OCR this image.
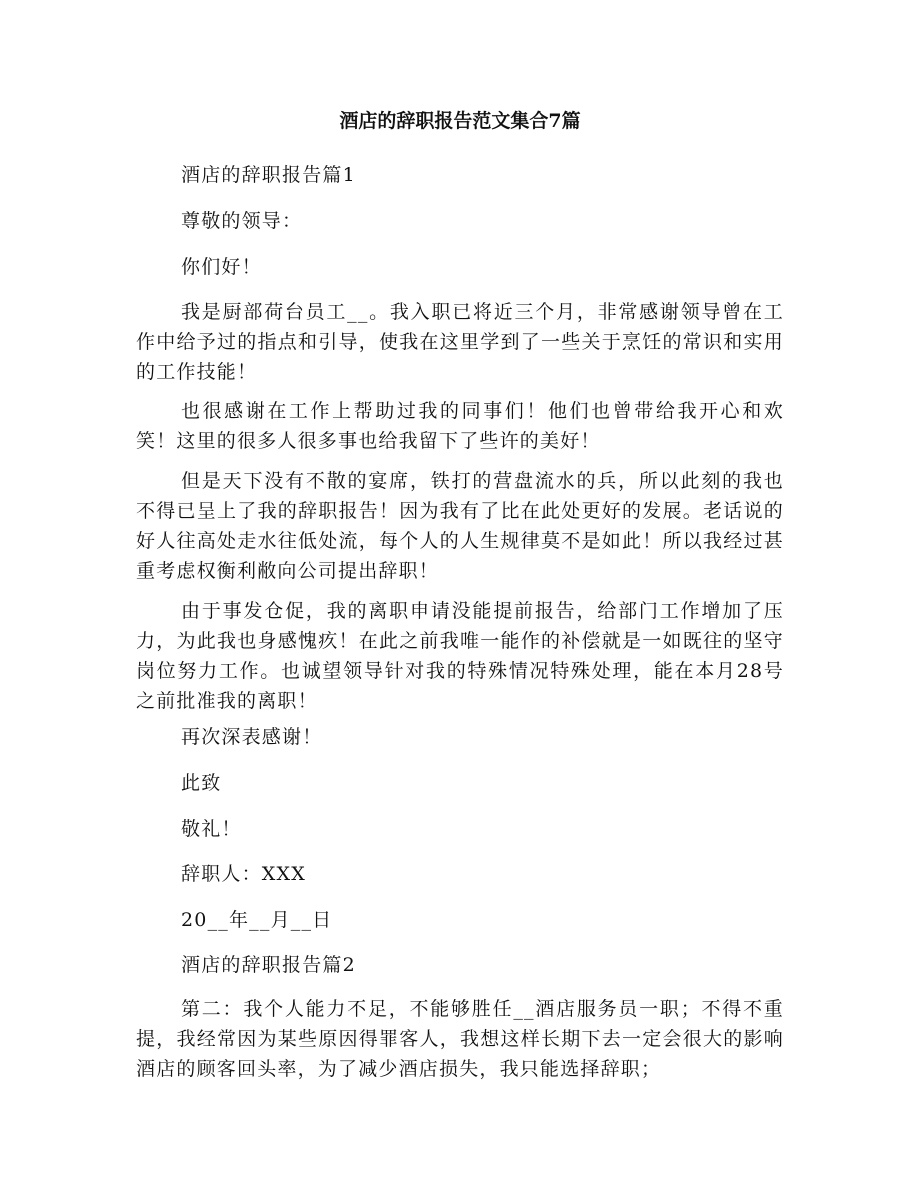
酒店的辞职报告范文集合7篇

酒店的辞职报告篇1

尊敬的领导：

你们好！

我是厨部荷台员工__。我入职已将近三个月，非常感谢领导曾在工作中给予过的指点和引导，使我在这里学到了一些关于烹饪的常识和实用的工作技能！

也很感谢在工作上帮助过我的同事们！他们也曾带给我开心和欢笑！这里的很多人很多事也给我留下了些许的美好！

但是天下没有不散的宴席，铁打的营盘流水的兵，所以此刻的我也不得已呈上了我的辞职报告！因为我有了比在此处更好的发展。老话说的好人往高处走水往低处流，每个人的人生规律莫不是如此！所以我经过甚重考虑权衡利敝向公司提出辞职！

由于事发仓促，我的离职申请没能提前报告，给部门工作增加了压力，为此我也身感愧疚！在此之前我唯一能作的补偿就是一如既往的坚守岗位努力工作。也诚望领导针对我的特殊情况特殊处理，能在本月28号之前批准我的离职！

再次深表感谢！

此致

敬礼！

辞职人：XXX

20__年__月__日

酒店的辞职报告篇2

第二：我个人能力不足，不能够胜任__酒店服务员一职；不得不重提，我经常因为某些原因得罪客人，我想这样长期下去一定会很大的影响酒店的顾客回头率，为了减少酒店损失，我只能选择辞职；
